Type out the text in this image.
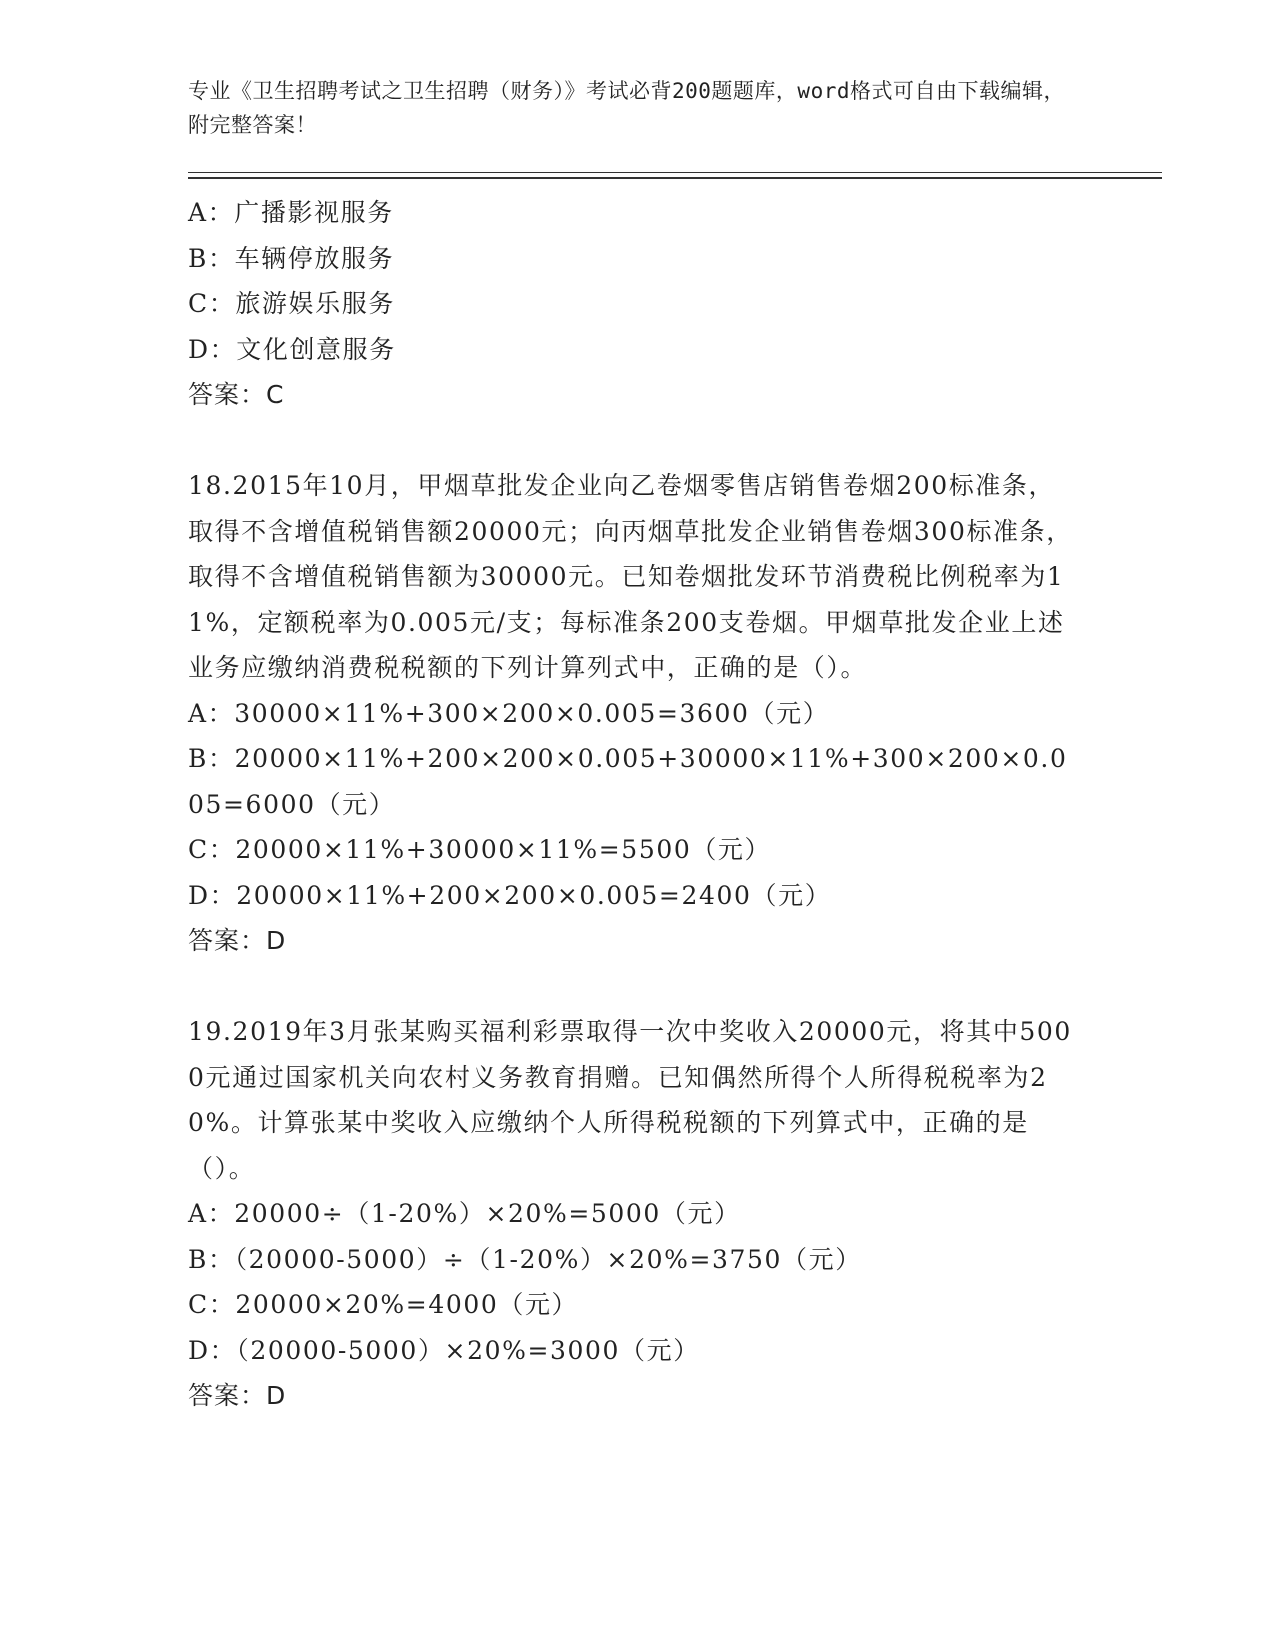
专业《卫生招聘考试之卫生招聘（财务）》考试必背200题题库，word格式可自由下载编辑，附完整答案！
A：广播影视服务
B：车辆停放服务
C：旅游娱乐服务
D：文化创意服务
答案：C
18.2015年10月，甲烟草批发企业向乙卷烟零售店销售卷烟200标准条，取得不含增值税销售额20000元；向丙烟草批发企业销售卷烟300标准条，取得不含增值税销售额为30000元。已知卷烟批发环节消费税比例税率为11%，定额税率为0.005元/支；每标准条200支卷烟。甲烟草批发企业上述业务应缴纳消费税税额的下列计算列式中，正确的是（）。
A：30000×11%+300×200×0.005=3600（元）
B：20000×11%+200×200×0.005+30000×11%+300×200×0.005=6000（元）
C：20000×11%+30000×11%=5500（元）
D：20000×11%+200×200×0.005=2400（元）
答案：D
19.2019年3月张某购买福利彩票取得一次中奖收入20000元，将其中5000元通过国家机关向农村义务教育捐赠。已知偶然所得个人所得税税率为20%。计算张某中奖收入应缴纳个人所得税税额的下列算式中，正确的是（）。
A：20000÷（1-20%）×20%=5000（元）
B：（20000-5000）÷（1-20%）×20%=3750（元）
C：20000×20%=4000（元）
D：（20000-5000）×20%=3000（元）
答案：D
